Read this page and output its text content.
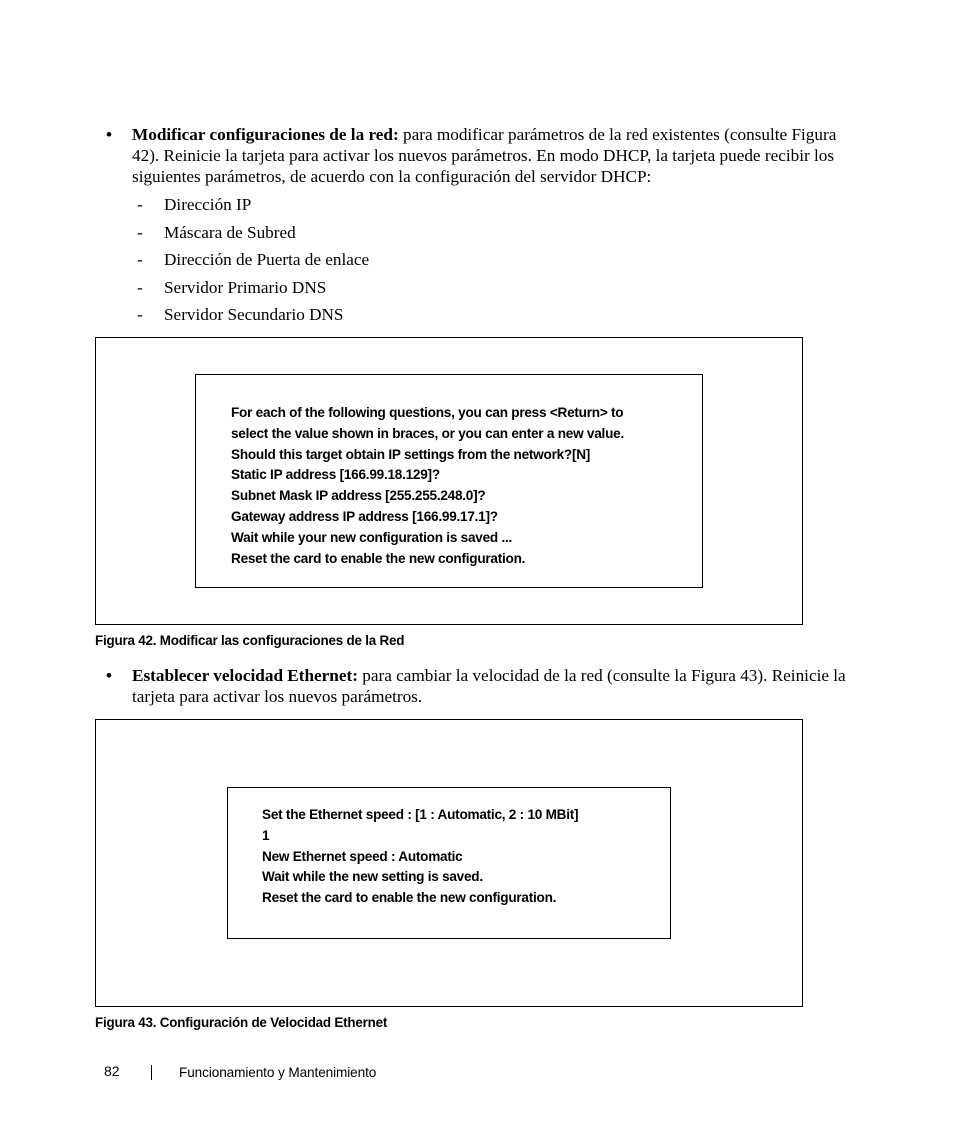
• Modificar configuraciones de la red: para modificar parámetros de la red existentes (consulte Figura 42). Reinicie la tarjeta para activar los nuevos parámetros. En modo DHCP, la tarjeta puede recibir los siguientes parámetros, de acuerdo con la configuración del servidor DHCP:
- Dirección IP
- Máscara de Subred
- Dirección de Puerta de enlace
- Servidor Primario DNS
- Servidor Secundario DNS
For each of the following questions, you can press <Return> to
select the value shown in braces, or you can enter a new value.
Should this target obtain IP settings from the network?[N]
Static IP address [166.99.18.129]?
Subnet Mask IP address [255.255.248.0]?
Gateway address IP address [166.99.17.1]?
Wait while your new configuration is saved ...
Reset the card to enable the new configuration.
Figura 42. Modificar las configuraciones de la Red
• Establecer velocidad Ethernet: para cambiar la velocidad de la red (consulte la Figura 43). Reinicie la tarjeta para activar los nuevos parámetros.
Set the Ethernet speed : [1 : Automatic, 2 : 10 MBit]
1
New Ethernet speed : Automatic
Wait while the new setting is saved.
Reset the card to enable the new configuration.
Figura 43. Configuración de Velocidad Ethernet
82	Funcionamiento y Mantenimiento
